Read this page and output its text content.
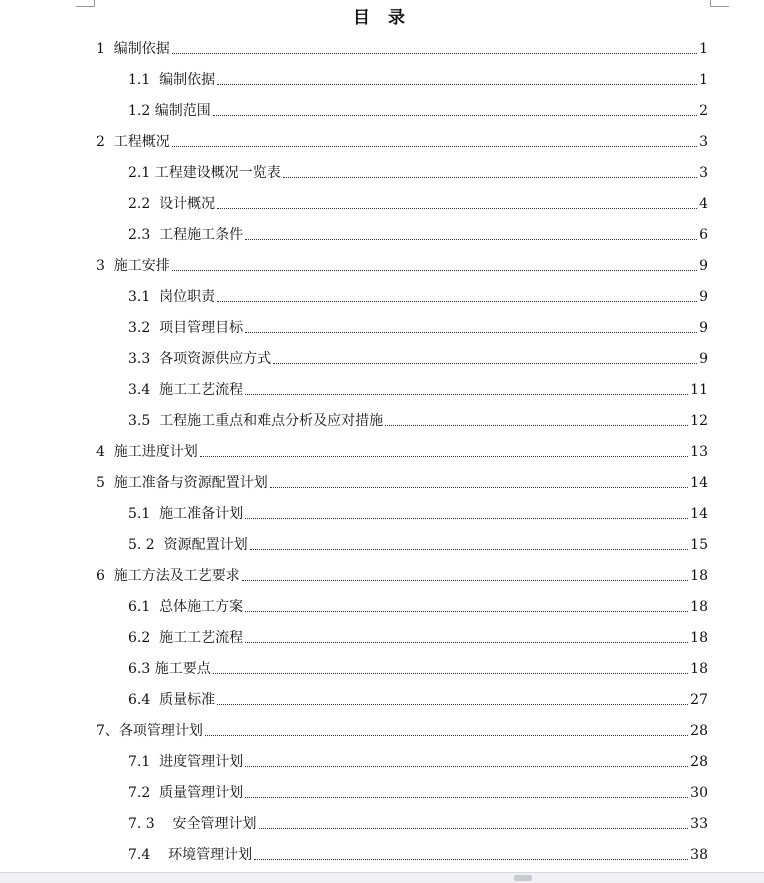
目 录
1  编制依据	1
1.1  编制依据	1
1.2 编制范围	2
2  工程概况	3
2.1 工程建设概况一览表	3
2.2  设计概况	4
2.3  工程施工条件	6
3  施工安排	9
3.1  岗位职责	9
3.2  项目管理目标	9
3.3  各项资源供应方式	9
3.4  施工工艺流程	11
3.5  工程施工重点和难点分析及应对措施	12
4  施工进度计划	13
5  施工准备与资源配置计划	14
5.1  施工准备计划	14
5. 2  资源配置计划	15
6  施工方法及工艺要求	18
6.1  总体施工方案	18
6.2  施工工艺流程	18
6.3 施工要点	18
6.4  质量标准	27
7、各项管理计划	28
7.1  进度管理计划	28
7.2  质量管理计划	30
7. 3    安全管理计划	33
7.4    环境管理计划	38
